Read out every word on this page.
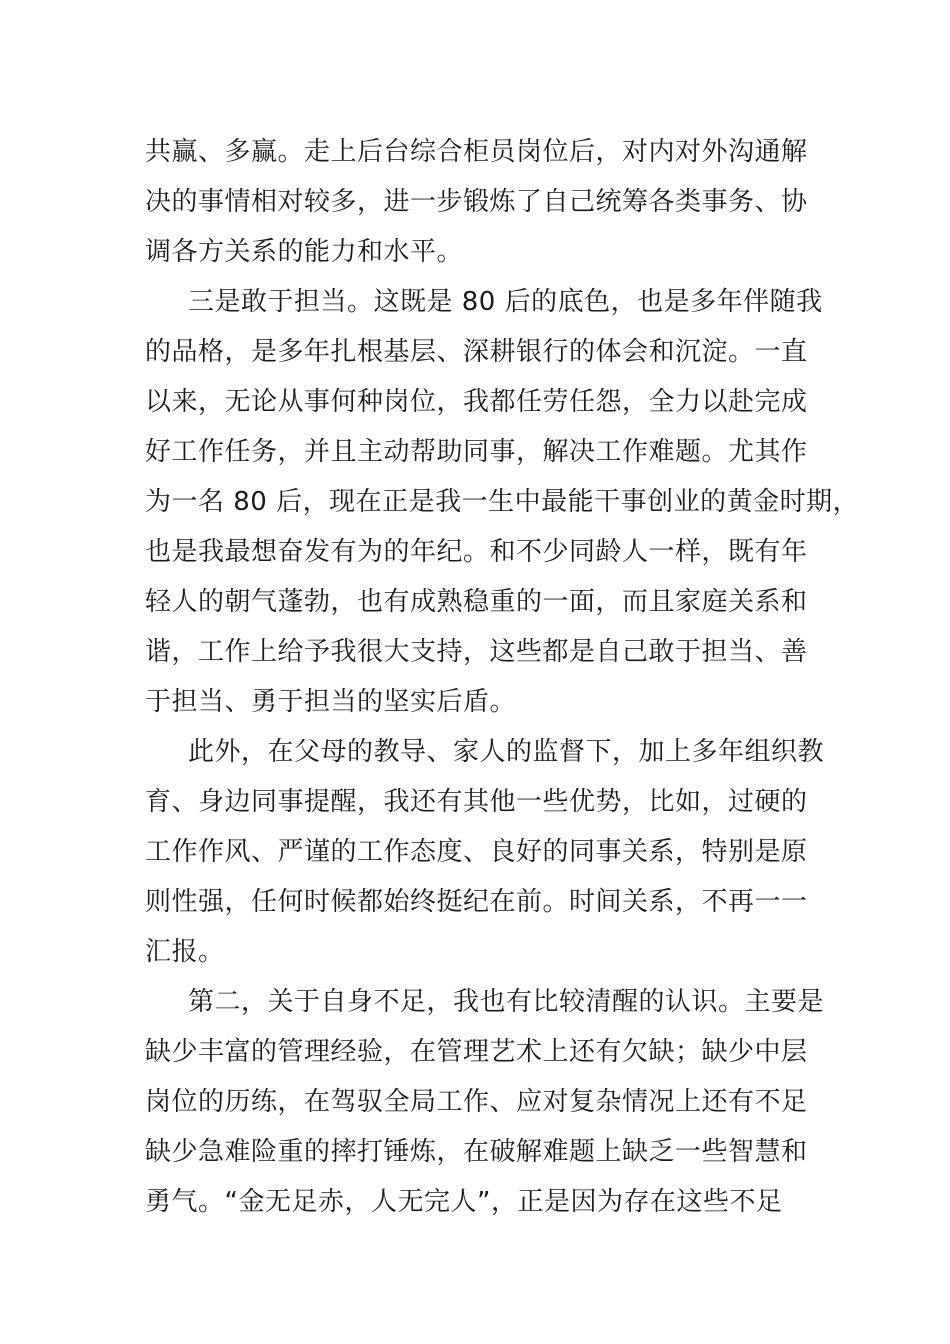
共赢、多赢。走上后台综合柜员岗位后，对内对外沟通解
决的事情相对较多，进一步锻炼了自己统筹各类事务、协
调各方关系的能力和水平。
三是敢于担当。这既是 80 后的底色，也是多年伴随我
的品格，是多年扎根基层、深耕银行的体会和沉淀。一直
以来，无论从事何种岗位，我都任劳任怨，全力以赴完成
好工作任务，并且主动帮助同事，解决工作难题。尤其作
为一名 80 后，现在正是我一生中最能干事创业的黄金时期，
也是我最想奋发有为的年纪。和不少同龄人一样，既有年
轻人的朝气蓬勃，也有成熟稳重的一面，而且家庭关系和
谐，工作上给予我很大支持，这些都是自己敢于担当、善
于担当、勇于担当的坚实后盾。
此外，在父母的教导、家人的监督下，加上多年组织教
育、身边同事提醒，我还有其他一些优势，比如，过硬的
工作作风、严谨的工作态度、良好的同事关系，特别是原
则性强，任何时候都始终挺纪在前。时间关系，不再一一
汇报。
第二，关于自身不足，我也有比较清醒的认识。主要是
缺少丰富的管理经验，在管理艺术上还有欠缺；缺少中层
岗位的历练，在驾驭全局工作、应对复杂情况上还有不足
缺少急难险重的摔打锤炼，在破解难题上缺乏一些智慧和
勇气。“金无足赤，人无完人”，正是因为存在这些不足
